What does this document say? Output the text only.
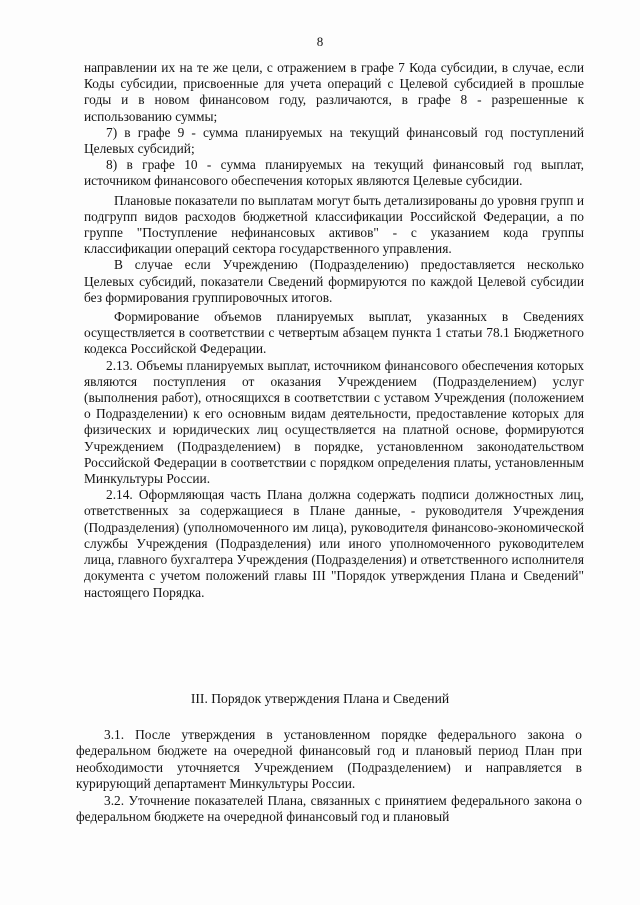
8

направлении их на те же цели, с отражением в графе 7 Кода субсидии, в случае, если Коды субсидии, присвоенные для учета операций с Целевой субсидией в прошлые годы и в новом финансовом году, различаются, в графе 8 - разрешенные к использованию суммы;

7) в графе 9 - сумма планируемых на текущий финансовый год поступлений Целевых субсидий;

8) в графе 10 - сумма планируемых на текущий финансовый год выплат, источником финансового обеспечения которых являются Целевые субсидии.

Плановые показатели по выплатам могут быть детализированы до уровня групп и подгрупп видов расходов бюджетной классификации Российской Федерации, а по группе "Поступление нефинансовых активов" - с указанием кода группы классификации операций сектора государственного управления.

В случае если Учреждению (Подразделению) предоставляется несколько Целевых субсидий, показатели Сведений формируются по каждой Целевой субсидии без формирования группировочных итогов.

Формирование объемов планируемых выплат, указанных в Сведениях осуществляется в соответствии с четвертым абзацем пункта 1 статьи 78.1 Бюджетного кодекса Российской Федерации.

2.13. Объемы планируемых выплат, источником финансового обеспечения которых являются поступления от оказания Учреждением (Подразделением) услуг (выполнения работ), относящихся в соответствии с уставом Учреждения (положением о Подразделении) к его основным видам деятельности, предоставление которых для физических и юридических лиц осуществляется на платной основе, формируются Учреждением (Подразделением) в порядке, установленном законодательством Российской Федерации в соответствии с порядком определения платы, установленным Минкультуры России.

2.14. Оформляющая часть Плана должна содержать подписи должностных лиц, ответственных за содержащиеся в Плане данные, - руководителя Учреждения (Подразделения) (уполномоченного им лица), руководителя финансово-экономической службы Учреждения (Подразделения) или иного уполномоченного руководителем лица, главного бухгалтера Учреждения (Подразделения) и ответственного исполнителя документа с учетом положений главы III "Порядок утверждения Плана и Сведений" настоящего Порядка.

III. Порядок утверждения Плана и Сведений

3.1. После утверждения в установленном порядке федерального закона о федеральном бюджете на очередной финансовый год и плановый период План при необходимости уточняется Учреждением (Подразделением) и направляется в курирующий департамент Минкультуры России.

3.2. Уточнение показателей Плана, связанных с принятием федерального закона о федеральном бюджете на очередной финансовый год и плановый
